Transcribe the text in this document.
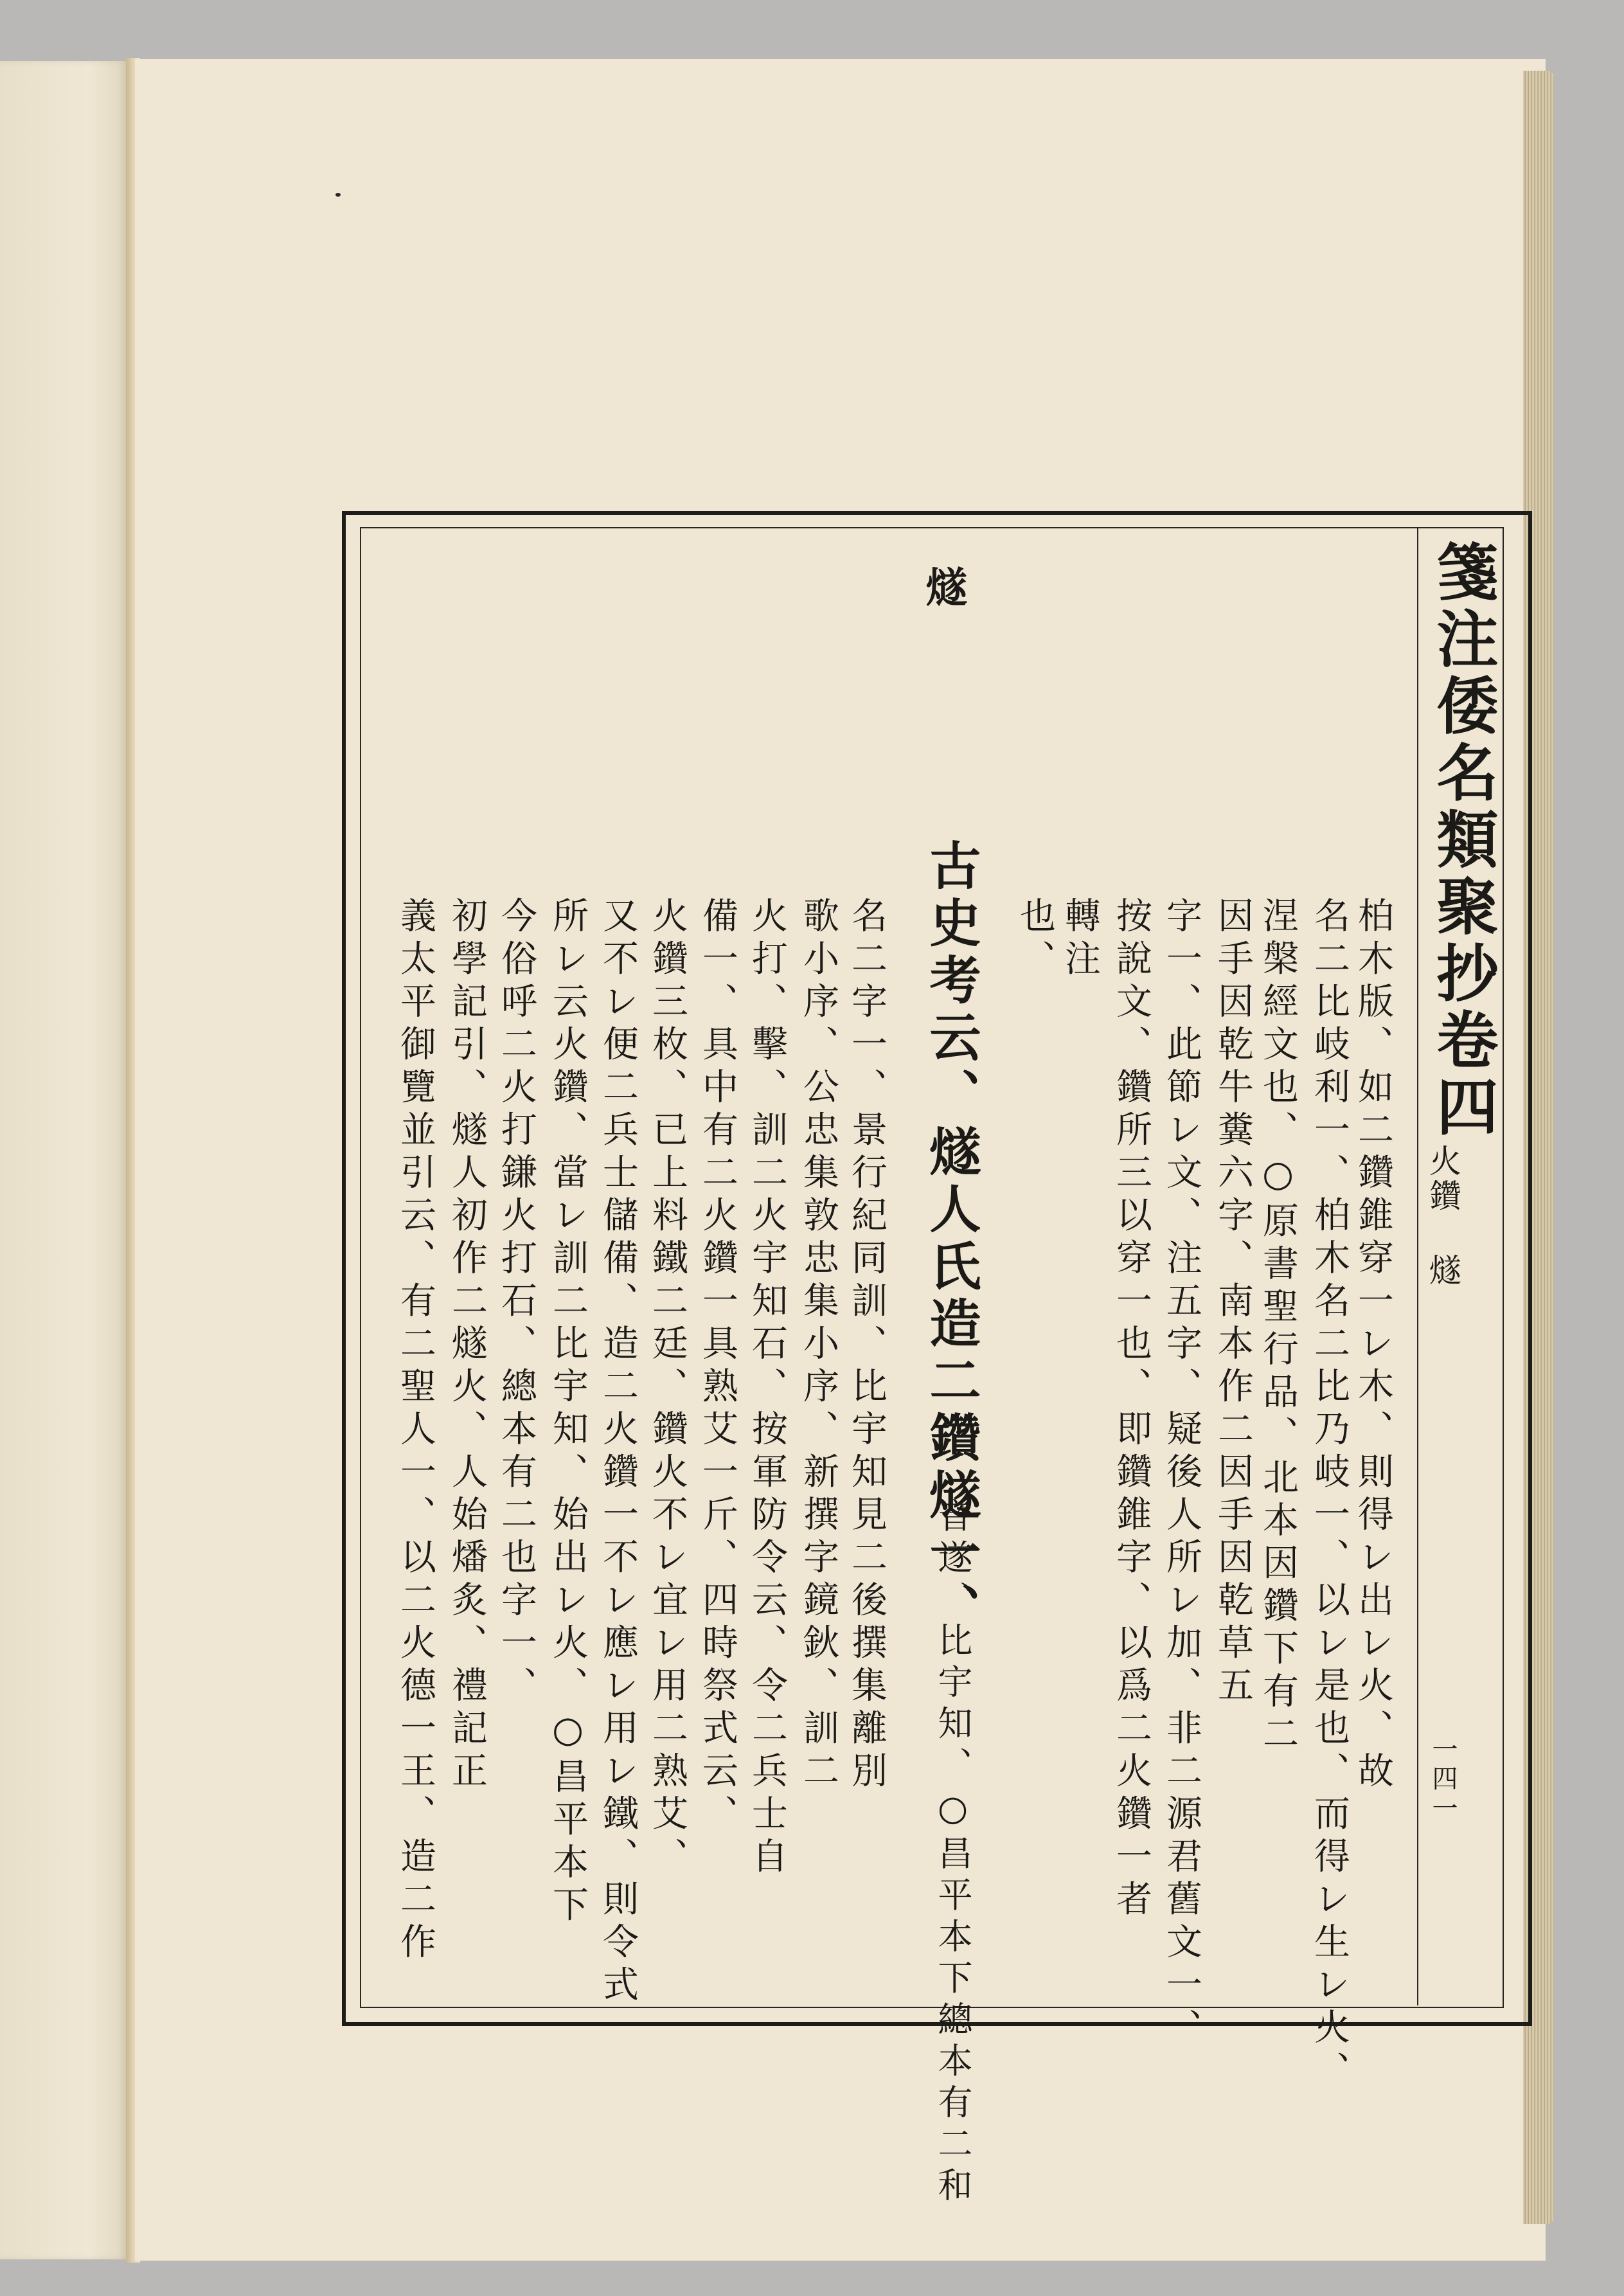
箋注倭名類聚抄卷四
火鑽 燧
一四一
燧
柏木版、如二鑽錐穿一レ木、則得レ出レ火、故
名二比岐利一、柏木名二比乃岐一、以レ是也、而得レ生レ火、
涅槃經文也、○原書聖行品、北本因鑽下有二
因手因乾牛糞六字、南本作二因手因乾草五
字一、此節レ文、注五字、疑後人所レ加、非二源君舊文一、
按說文、鑽所三以穿一也、即鑽錐字、以爲二火鑽一者
轉注
也、
古史考云、燧人氏造二鑽燧一、
音遂、比宇知、○昌平本下總本有二和
名二字一、景行紀同訓、比宇知見二後撰集離別
歌小序、公忠集敦忠集小序、新撰字鏡鈥、訓二
火打、擊、訓二火宇知石、按軍防令云、令二兵士自
備一、具中有二火鑽一具熟艾一斤、四時祭式云、
火鑽三枚、已上料鐵二廷、鑽火不レ宜レ用二熟艾、
又不レ便二兵士儲備、造二火鑽一不レ應レ用レ鐵、則令式
所レ云火鑽、當レ訓二比宇知、始出レ火、○昌平本下
今俗呼二火打鎌火打石、總本有二也字一、
初學記引、燧人初作二燧火、人始燔炙、禮記正
義太平御覽並引云、有二聖人一、以二火德一王、造二作
